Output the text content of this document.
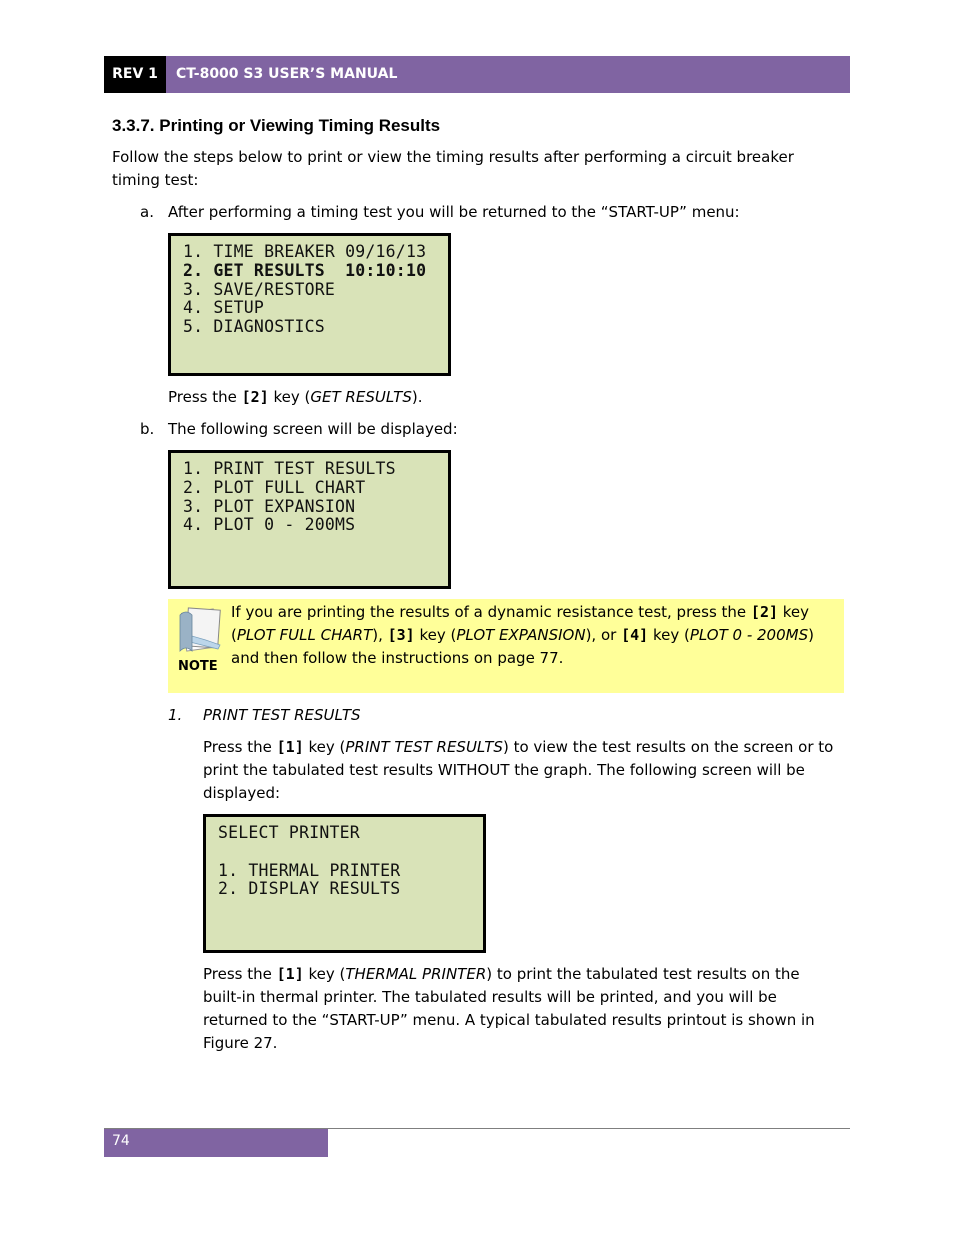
REV 1	CT-8000 S3 USER’S MANUAL
3.3.7. Printing or Viewing Timing Results
Follow the steps below to print or view the timing results after performing a circuit breaker timing test:
a. After performing a timing test you will be returned to the “START-UP” menu:
1. TIME BREAKER 09/16/13
2. GET RESULTS  10:10:10
3. SAVE/RESTORE
4. SETUP
5. DIAGNOSTICS
Press the [2] key (GET RESULTS).
b. The following screen will be displayed:
1. PRINT TEST RESULTS
2. PLOT FULL CHART
3. PLOT EXPANSION
4. PLOT 0 - 200MS
NOTE
If you are printing the results of a dynamic resistance test, press the [2] key (PLOT FULL CHART), [3] key (PLOT EXPANSION), or [4] key (PLOT 0 - 200MS) and then follow the instructions on page 77.
1. PRINT TEST RESULTS
Press the [1] key (PRINT TEST RESULTS) to view the test results on the screen or to print the tabulated test results WITHOUT the graph. The following screen will be displayed:
SELECT PRINTER
1. THERMAL PRINTER
2. DISPLAY RESULTS
Press the [1] key (THERMAL PRINTER) to print the tabulated test results on the built-in thermal printer. The tabulated results will be printed, and you will be returned to the “START-UP” menu. A typical tabulated results printout is shown in Figure 27.
74
